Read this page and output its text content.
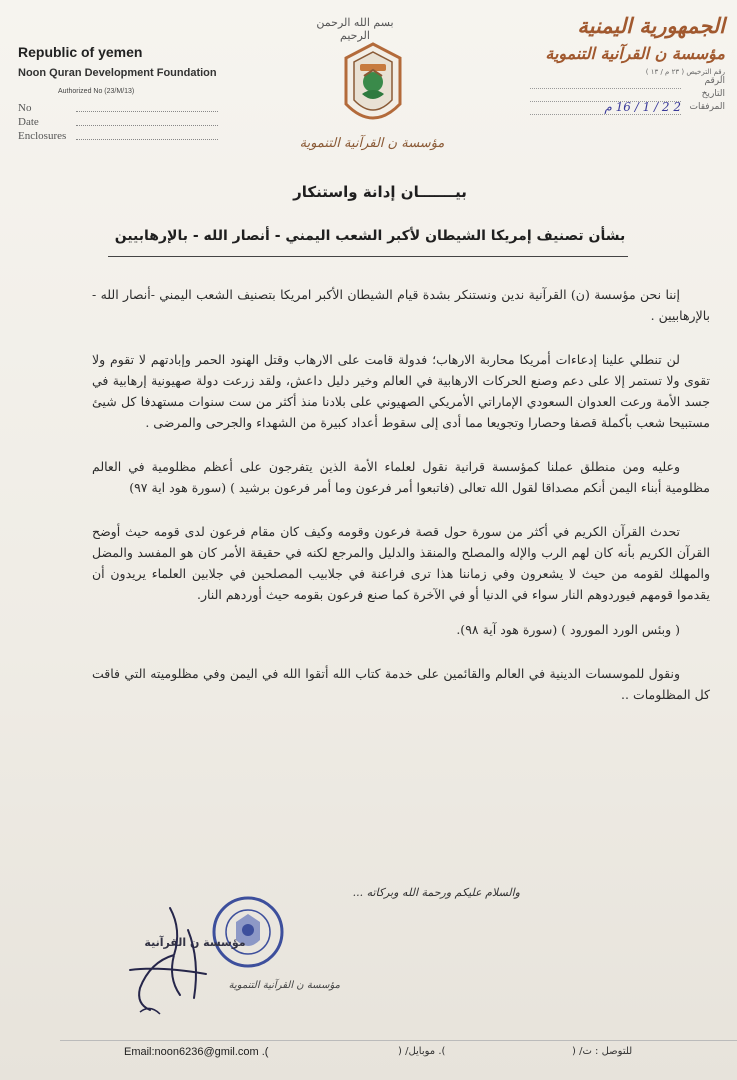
Republic of yemen
Noon Quran Development Foundation
Authorized No (23/M/13)
No
Date
Enclosures
بسم الله الرحمن الرحيم
مؤسسة ن القرآنية التنموية
الجمهورية اليمنية
مؤسسة ن القرآنية التنموية
رقم الترخيص ( ٢٣ م / ١٣ )
الرقم
التاريخ
المرفقات
2 2 / 1 / 16 م
بيـــــــان إدانة واستنكار
بشأن تصنيف إمريكا الشيطان لأكبر الشعب اليمني - أنصار الله - بالإرهابيين

إننا نحن مؤسسة (ن) القرآنية ندين ونستنكر بشدة قيام الشيطان الأكبر امريكا بتصنيف الشعب اليمني -أنصار الله - بالإرهابيين .

لن تنطلي علينا إدعاءات أمريكا محاربة الارهاب؛ فدولة قامت على الارهاب وقتل الهنود الحمر وإبادتهم لا تقوم ولا تقوى ولا تستمر إلا على دعم وصنع الحركات الارهابية في العالم وخير دليل داعش، ولقد زرعت دولة صهيونية إرهابية في جسد الأمة ورعت العدوان السعودي الإماراتي الأمريكي الصهيوني على بلادنا منذ أكثر من ست سنوات مستهدفا كل شيئ مستبيحا شعب بأكملة قصفا وحصارا وتجويعا مما أدى إلى سقوط أعداد كبيرة من الشهداء والجرحى والمرضى .

وعليه ومن منطلق عملنا كمؤسسة قرانية نقول لعلماء الأمة الذين يتفرجون على أعظم مظلومية في العالم مظلومية أبناء اليمن أنكم مصداقا لقول الله تعالى (فاتبعوا أمر فرعون وما أمر فرعون برشيد ) (سورة هود اية ٩٧)

تحدث القرآن الكريم في أكثر من سورة حول قصة فرعون وقومه وكيف كان مقام فرعون لدى قومه حيث أوضح القرآن الكريم بأنه كان لهم الرب والإله والمصلح والمنقذ والدليل والمرجع لكنه في حقيقة الأمر كان هو المفسد والمضل والمهلك لقومه من حيث لا يشعرون وفي زماننا هذا ترى فراعنة في جلابيب المصلحين في جلابين العلماء يريدون أن يقدموا قومهم فيوردوهم النار سواء في الدنيا أو في الآخرة كما صنع فرعون بقومه حيث أوردهم النار.

( وبئس الورد المورود ) (سورة هود آية ٩٨).

ونقول للموسسات الدينية في العالم والقائمين على خدمة كتاب الله أتقوا الله في اليمن وفي مظلوميته التي فاقت كل المظلومات ..

والسلام عليكم ورحمة الله وبركاته ...
مؤسسة ن القرآنية
مؤسسة ن القرآنية التنموية
Email:noon6236@gmil.com .(	). موبايل/ (	للتوصل : ت/ (
